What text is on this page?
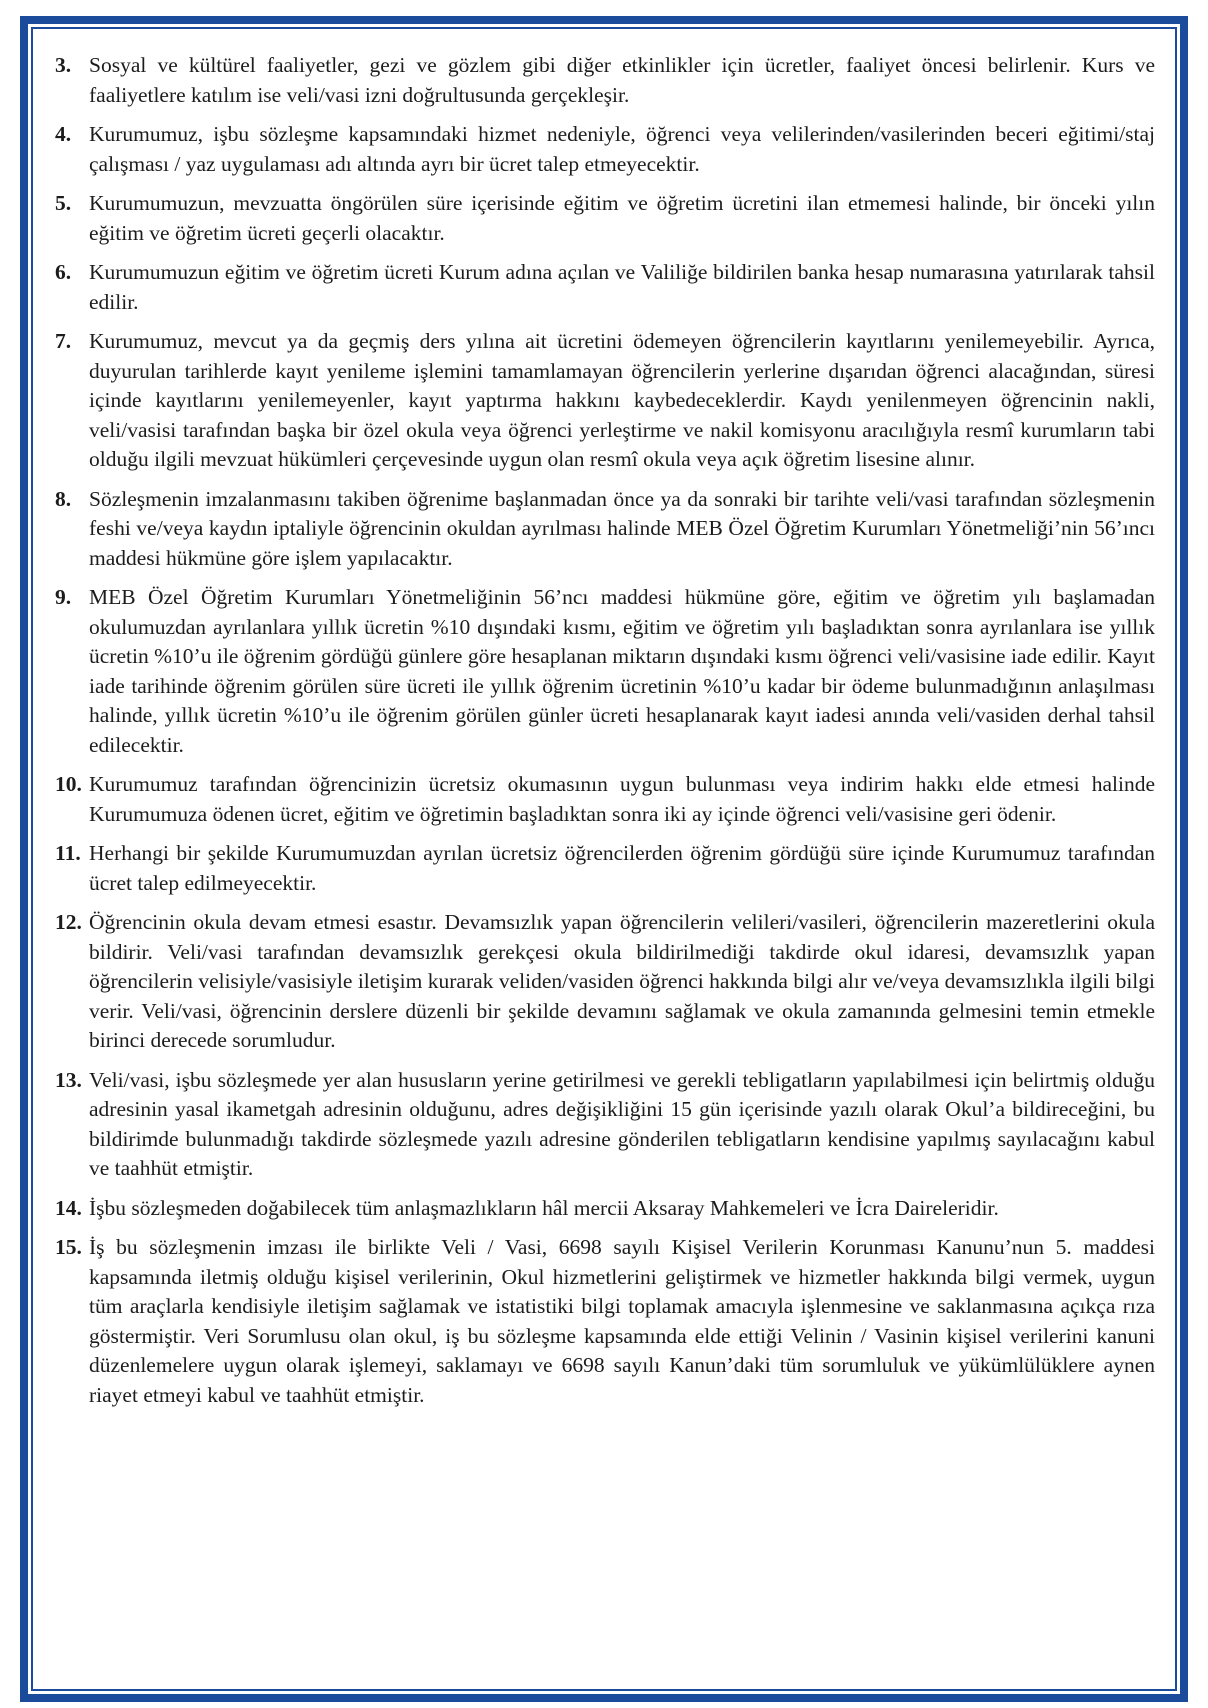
3. Sosyal ve kültürel faaliyetler, gezi ve gözlem gibi diğer etkinlikler için ücretler, faaliyet öncesi belirlenir. Kurs ve faaliyetlere katılım ise veli/vasi izni doğrultusunda gerçekleşir.

4. Kurumumuz, işbu sözleşme kapsamındaki hizmet nedeniyle, öğrenci veya velilerinden/vasilerinden beceri eğitimi/staj çalışması / yaz uygulaması adı altında ayrı bir ücret talep etmeyecektir.

5. Kurumumuzun, mevzuatta öngörülen süre içerisinde eğitim ve öğretim ücretini ilan etmemesi halinde, bir önceki yılın eğitim ve öğretim ücreti geçerli olacaktır.

6. Kurumumuzun eğitim ve öğretim ücreti Kurum adına açılan ve Valiliğe bildirilen banka hesap numarasına yatırılarak tahsil edilir.

7. Kurumumuz, mevcut ya da geçmiş ders yılına ait ücretini ödemeyen öğrencilerin kayıtlarını yenilemeyebilir. Ayrıca, duyurulan tarihlerde kayıt yenileme işlemini tamamlamayan öğrencilerin yerlerine dışarıdan öğrenci alacağından, süresi içinde kayıtlarını yenilemeyenler, kayıt yaptırma hakkını kaybedeceklerdir. Kaydı yenilenmeyen öğrencinin nakli, veli/vasisi tarafından başka bir özel okula veya öğrenci yerleştirme ve nakil komisyonu aracılığıyla resmî kurumların tabi olduğu ilgili mevzuat hükümleri çerçevesinde uygun olan resmî okula veya açık öğretim lisesine alınır.

8. Sözleşmenin imzalanmasını takiben öğrenime başlanmadan önce ya da sonraki bir tarihte veli/vasi tarafından sözleşmenin feshi ve/veya kaydın iptaliyle öğrencinin okuldan ayrılması halinde MEB Özel Öğretim Kurumları Yönetmeliği’nin 56’ıncı maddesi hükmüne göre işlem yapılacaktır.

9. MEB Özel Öğretim Kurumları Yönetmeliğinin 56’ncı maddesi hükmüne göre, eğitim ve öğretim yılı başlamadan okulumuzdan ayrılanlara yıllık ücretin %10 dışındaki kısmı, eğitim ve öğretim yılı başladıktan sonra ayrılanlara ise yıllık ücretin %10’u ile öğrenim gördüğü günlere göre hesaplanan miktarın dışındaki kısmı öğrenci veli/vasisine iade edilir. Kayıt iade tarihinde öğrenim görülen süre ücreti ile yıllık öğrenim ücretinin %10’u kadar bir ödeme bulunmadığının anlaşılması halinde, yıllık ücretin %10’u ile öğrenim görülen günler ücreti hesaplanarak kayıt iadesi anında veli/vasiden derhal tahsil edilecektir.

10. Kurumumuz tarafından öğrencinizin ücretsiz okumasının uygun bulunması veya indirim hakkı elde etmesi halinde Kurumumuza ödenen ücret, eğitim ve öğretimin başladıktan sonra iki ay içinde öğrenci veli/vasisine geri ödenir.

11. Herhangi bir şekilde Kurumumuzdan ayrılan ücretsiz öğrencilerden öğrenim gördüğü süre içinde Kurumumuz tarafından ücret talep edilmeyecektir.

12. Öğrencinin okula devam etmesi esastır. Devamsızlık yapan öğrencilerin velileri/vasileri, öğrencilerin mazeretlerini okula bildirir. Veli/vasi tarafından devamsızlık gerekçesi okula bildirilmediği takdirde okul idaresi, devamsızlık yapan öğrencilerin velisiyle/vasisiyle iletişim kurarak veliden/vasiden öğrenci hakkında bilgi alır ve/veya devamsızlıkla ilgili bilgi verir. Veli/vasi, öğrencinin derslere düzenli bir şekilde devamını sağlamak ve okula zamanında gelmesini temin etmekle birinci derecede sorumludur.

13. Veli/vasi, işbu sözleşmede yer alan hususların yerine getirilmesi ve gerekli tebligatların yapılabilmesi için belirtmiş olduğu adresinin yasal ikametgah adresinin olduğunu, adres değişikliğini 15 gün içerisinde yazılı olarak Okul’a bildireceğini, bu bildirimde bulunmadığı takdirde sözleşmede yazılı adresine gönderilen tebligatların kendisine yapılmış sayılacağını kabul ve taahhüt etmiştir.

14. İşbu sözleşmeden doğabilecek tüm anlaşmazlıkların hâl mercii Aksaray Mahkemeleri ve İcra Daireleridir.

15. İş bu sözleşmenin imzası ile birlikte Veli / Vasi, 6698 sayılı Kişisel Verilerin Korunması Kanunu’nun 5. maddesi kapsamında iletmiş olduğu kişisel verilerinin, Okul hizmetlerini geliştirmek ve hizmetler hakkında bilgi vermek, uygun tüm araçlarla kendisiyle iletişim sağlamak ve istatistiki bilgi toplamak amacıyla işlenmesine ve saklanmasına açıkça rıza göstermiştir. Veri Sorumlusu olan okul, iş bu sözleşme kapsamında elde ettiği Velinin / Vasinin kişisel verilerini kanuni düzenlemelere uygun olarak işlemeyi, saklamayı ve 6698 sayılı Kanun’daki tüm sorumluluk ve yükümlülüklere aynen riayet etmeyi kabul ve taahhüt etmiştir.
